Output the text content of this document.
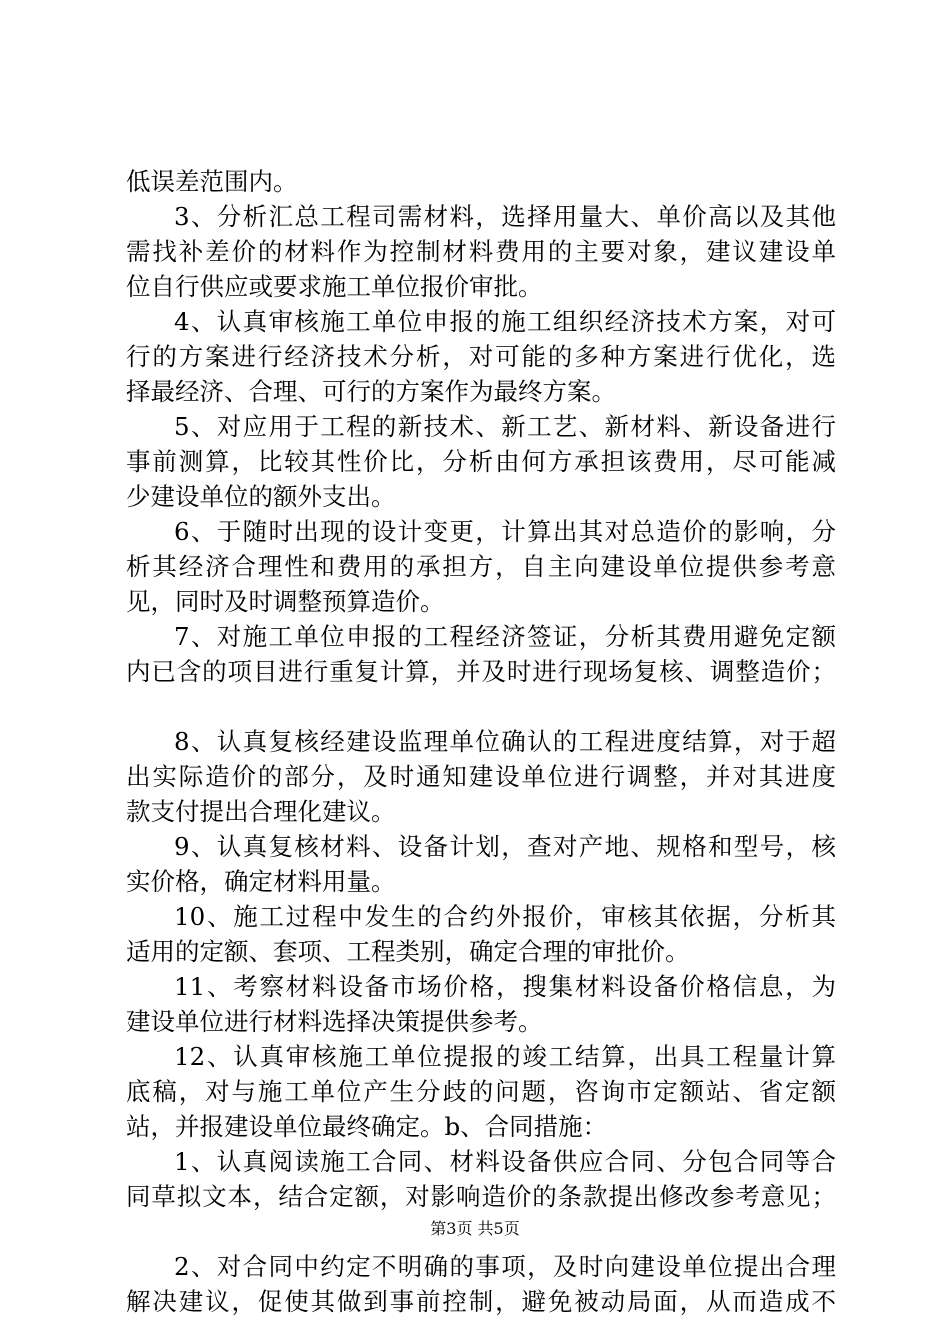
低误差范围内。
3、分析汇总工程司需材料，选择用量大、单价高以及其他
需找补差价的材料作为控制材料费用的主要对象，建议建设单
位自行供应或要求施工单位报价审批。
4、认真审核施工单位申报的施工组织经济技术方案，对可
行的方案进行经济技术分析，对可能的多种方案进行优化，选
择最经济、合理、可行的方案作为最终方案。
5、对应用于工程的新技术、新工艺、新材料、新设备进行
事前测算，比较其性价比，分析由何方承担该费用，尽可能减
少建设单位的额外支出。
6、于随时出现的设计变更，计算出其对总造价的影响，分
析其经济合理性和费用的承担方，自主向建设单位提供参考意
见，同时及时调整预算造价。
7、对施工单位申报的工程经济签证，分析其费用避免定额
内已含的项目进行重复计算，并及时进行现场复核、调整造价；
8、认真复核经建设监理单位确认的工程进度结算，对于超
出实际造价的部分，及时通知建设单位进行调整，并对其进度
款支付提出合理化建议。
9、认真复核材料、设备计划，查对产地、规格和型号，核
实价格，确定材料用量。
10、施工过程中发生的合约外报价，审核其依据，分析其
适用的定额、套项、工程类别，确定合理的审批价。
11、考察材料设备市场价格，搜集材料设备价格信息，为
建设单位进行材料选择决策提供参考。
12、认真审核施工单位提报的竣工结算，出具工程量计算
底稿，对与施工单位产生分歧的问题，咨询市定额站、省定额
站，并报建设单位最终确定。b、合同措施：
1、认真阅读施工合同、材料设备供应合同、分包合同等合
同草拟文本，结合定额，对影响造价的条款提出修改参考意见；
2、对合同中约定不明确的事项，及时向建设单位提出合理
解决建议，促使其做到事前控制，避免被动局面，从而造成不
第3页 共5页
